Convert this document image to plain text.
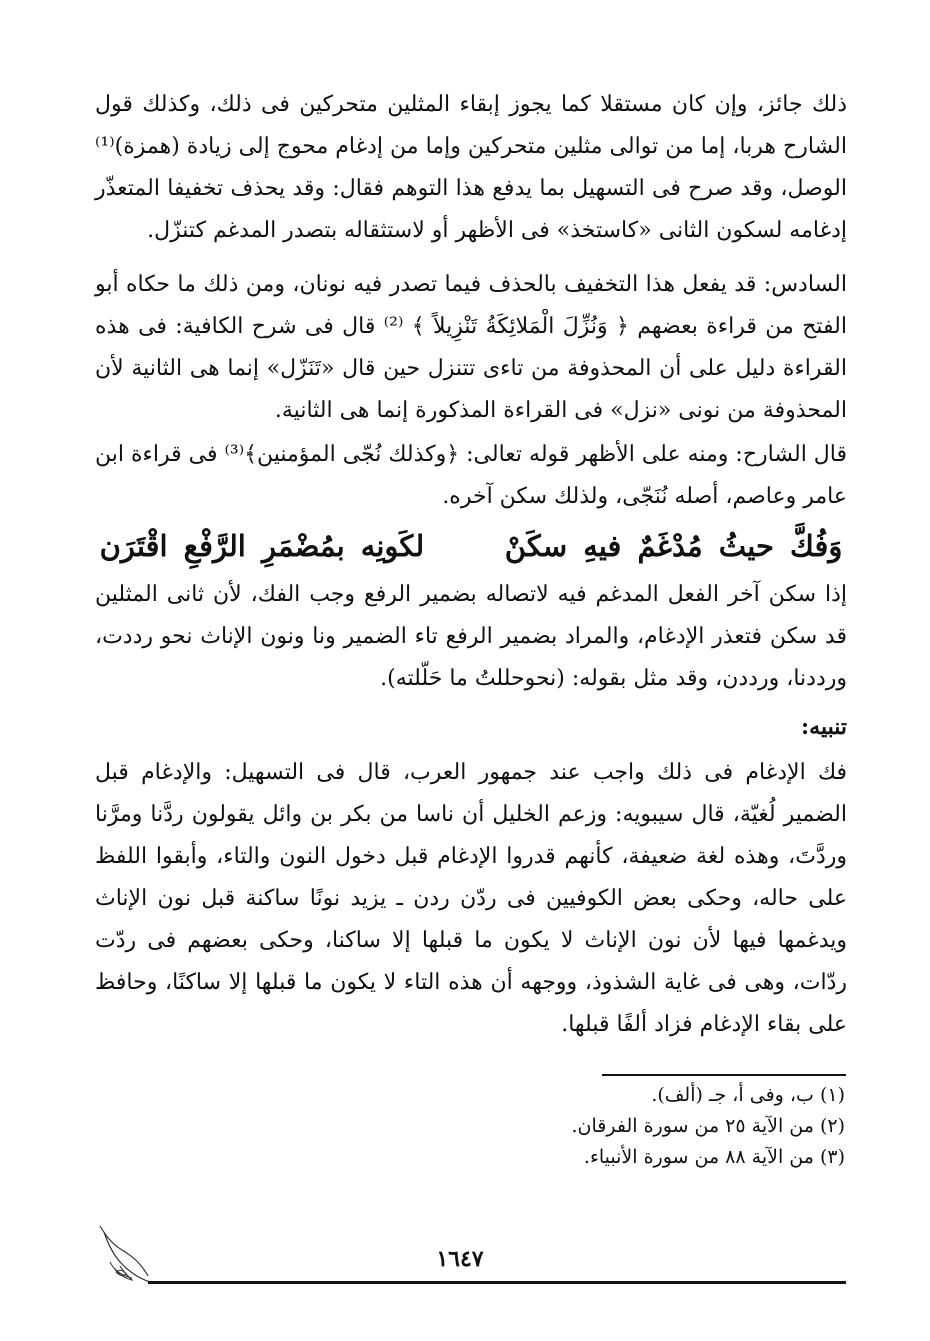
ذلك جائز، وإن كان مستقلا كما يجوز إبقاء المثلين متحركين فى ذلك، وكذلك قول الشارح هربا، إما من توالى مثلين متحركين وإما من إدغام محوج إلى زيادة (همزة)⁽¹⁾ الوصل، وقد صرح فى التسهيل بما يدفع هذا التوهم فقال: وقد يحذف تخفيفا المتعذّر إدغامه لسكون الثانى «كاستخذ» فى الأظهر أو لاستثقاله بتصدر المدغم كتنزّل.

السادس: قد يفعل هذا التخفيف بالحذف فيما تصدر فيه نونان، ومن ذلك ما حكاه أبو الفتح من قراءة بعضهم ﴿ وَنُزِّلَ الْمَلائِكَةُ تَنْزِيلاً ﴾ ⁽²⁾ قال فى شرح الكافية: فى هذه القراءة دليل على أن المحذوفة من تاءى تتنزل حين قال «تَنَزّل» إنما هى الثانية لأن المحذوفة من نونى «نزل» فى القراءة المذكورة إنما هى الثانية.

قال الشارح: ومنه على الأظهر قوله تعالى: ﴿وكذلك نُجّى المؤمنين﴾⁽³⁾ فى قراءة ابن عامر وعاصم، أصله نُنَجّى، ولذلك سكن آخره.

وَفُكَّ حيثُ مُدْغَمٌ فيهِ سكَنْ     لكَونِه بمُضْمَرِ الرَّفْعِ اقْتَرَن

إذا سكن آخر الفعل المدغم فيه لاتصاله بضمير الرفع وجب الفك، لأن ثانى المثلين قد سكن فتعذر الإدغام، والمراد بضمير الرفع تاء الضمير ونا ونون الإناث نحو رددت، ورددنا، ورددن، وقد مثل بقوله: (نحوحللتُ ما حَلّلته).

تنبيه:

فك الإدغام فى ذلك واجب عند جمهور العرب، قال فى التسهيل: والإدغام قبل الضمير لُغيّة، قال سيبويه: وزعم الخليل أن ناسا من بكر بن وائل يقولون ردَّنا ومرَّنا وردَّتَ، وهذه لغة ضعيفة، كأنهم قدروا الإدغام قبل دخول النون والتاء، وأبقوا اللفظ على حاله، وحكى بعض الكوفيين فى ردّن ردن ـ يزيد نونًا ساكنة قبل نون الإناث ويدغمها فيها لأن نون الإناث لا يكون ما قبلها إلا ساكنا، وحكى بعضهم فى ردّت ردّات، وهى فى غاية الشذوذ، ووجهه أن هذه التاء لا يكون ما قبلها إلا ساكنًا، وحافظ على بقاء الإدغام فزاد ألفًا قبلها.

(١) ب، وفى أ، جـ (ألف).

(٢) من الآية ٢٥ من سورة الفرقان.

(٣) من الآية ٨٨ من سورة الأنبياء.

١٦٤٧
